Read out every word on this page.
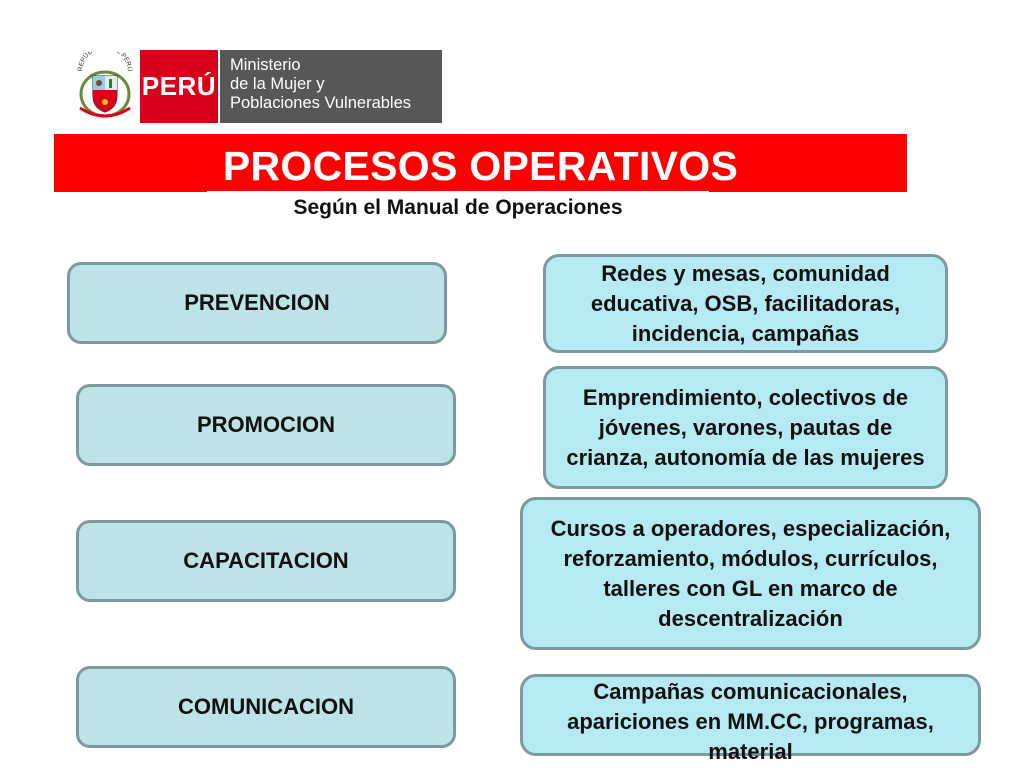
REPÚB PERÚ
PERÚ
Ministerio
de la Mujer y
Poblaciones Vulnerables
PROCESOS OPERATIVOS
Según el Manual de Operaciones
PREVENCION
PROMOCION
CAPACITACION
COMUNICACION
Redes y mesas, comunidad educativa, OSB, facilitadoras, incidencia, campañas
Emprendimiento, colectivos de jóvenes, varones, pautas de crianza, autonomía de las mujeres
Cursos a operadores, especialización, reforzamiento, módulos, currículos, talleres con GL en marco de descentralización
Campañas comunicacionales, apariciones en MM.CC, programas, material
